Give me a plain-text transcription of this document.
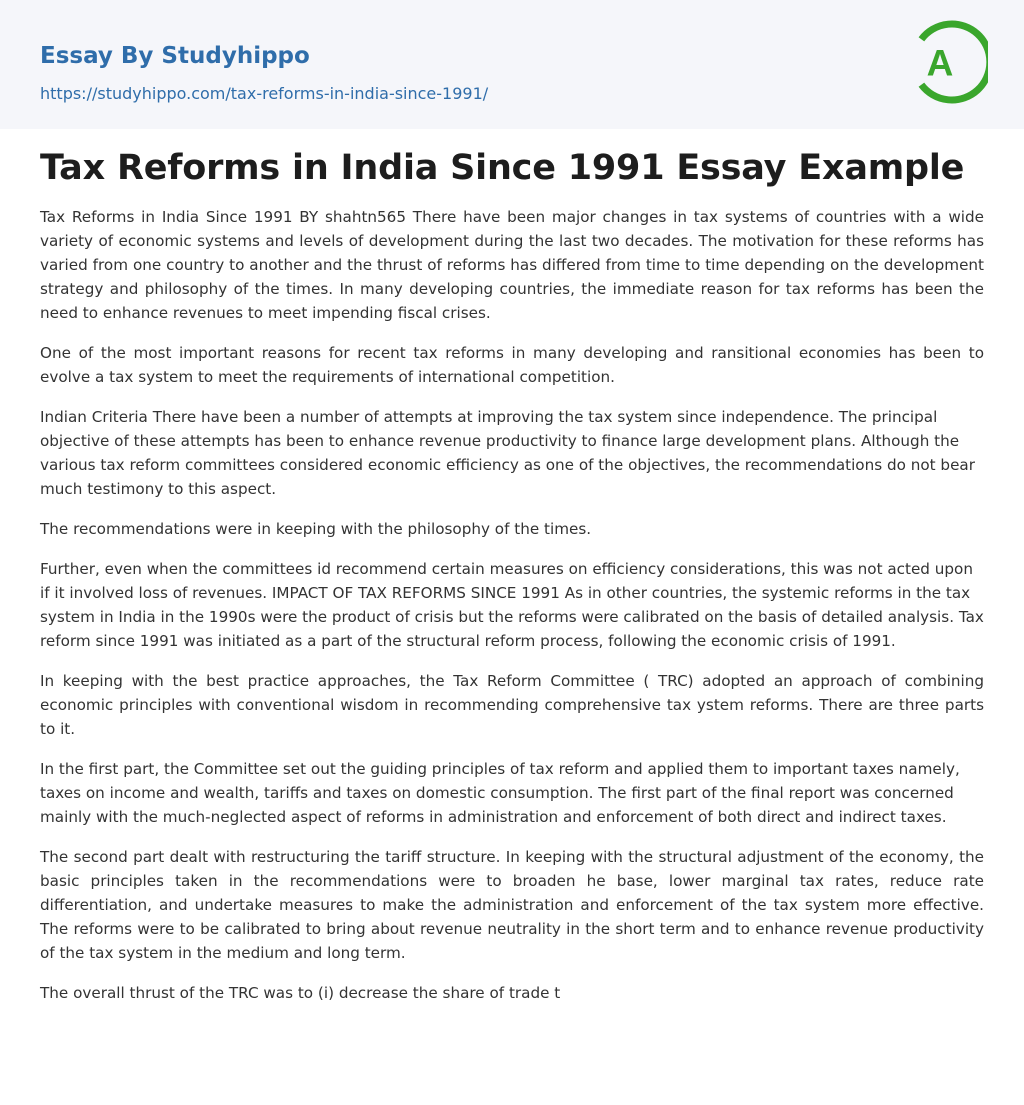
Essay By Studyhippo
https://studyhippo.com/tax-reforms-in-india-since-1991/
A
Tax Reforms in India Since 1991 Essay Example

Tax Reforms in India Since 1991 BY shahtn565 There have been major changes in tax systems of countries with a wide variety of economic systems and levels of development during the last two decades. The motivation for these reforms has varied from one country to another and the thrust of reforms has differed from time to time depending on the development strategy and philosophy of the times. In many developing countries, the immediate reason for tax reforms has been the need to enhance revenues to meet impending fiscal crises.

One of the most important reasons for recent tax reforms in many developing and ransitional economies has been to evolve a tax system to meet the requirements of international competition.

Indian Criteria There have been a number of attempts at improving the tax system since independence. The principal objective of these attempts has been to enhance revenue productivity to finance large development plans. Although the various tax reform committees considered economic efficiency as one of the objectives, the recommendations do not bear much testimony to this aspect.

The recommendations were in keeping with the philosophy of the times.

Further, even when the committees id recommend certain measures on efficiency considerations, this was not acted upon if it involved loss of revenues. IMPACT OF TAX REFORMS SINCE 1991 As in other countries, the systemic reforms in the tax system in India in the 1990s were the product of crisis but the reforms were calibrated on the basis of detailed analysis. Tax reform since 1991 was initiated as a part of the structural reform process, following the economic crisis of 1991.

In keeping with the best practice approaches, the Tax Reform Committee ( TRC) adopted an approach of combining economic principles with conventional wisdom in recommending comprehensive tax ystem reforms. There are three parts to it.

In the first part, the Committee set out the guiding principles of tax reform and applied them to important taxes namely, taxes on income and wealth, tariffs and taxes on domestic consumption. The first part of the final report was concerned mainly with the much-neglected aspect of reforms in administration and enforcement of both direct and indirect taxes.

The second part dealt with restructuring the tariff structure. In keeping with the structural adjustment of the economy, the basic principles taken in the recommendations were to broaden he base, lower marginal tax rates, reduce rate differentiation, and undertake measures to make the administration and enforcement of the tax system more effective. The reforms were to be calibrated to bring about revenue neutrality in the short term and to enhance revenue productivity of the tax system in the medium and long term.

The overall thrust of the TRC was to (i) decrease the share of trade t
